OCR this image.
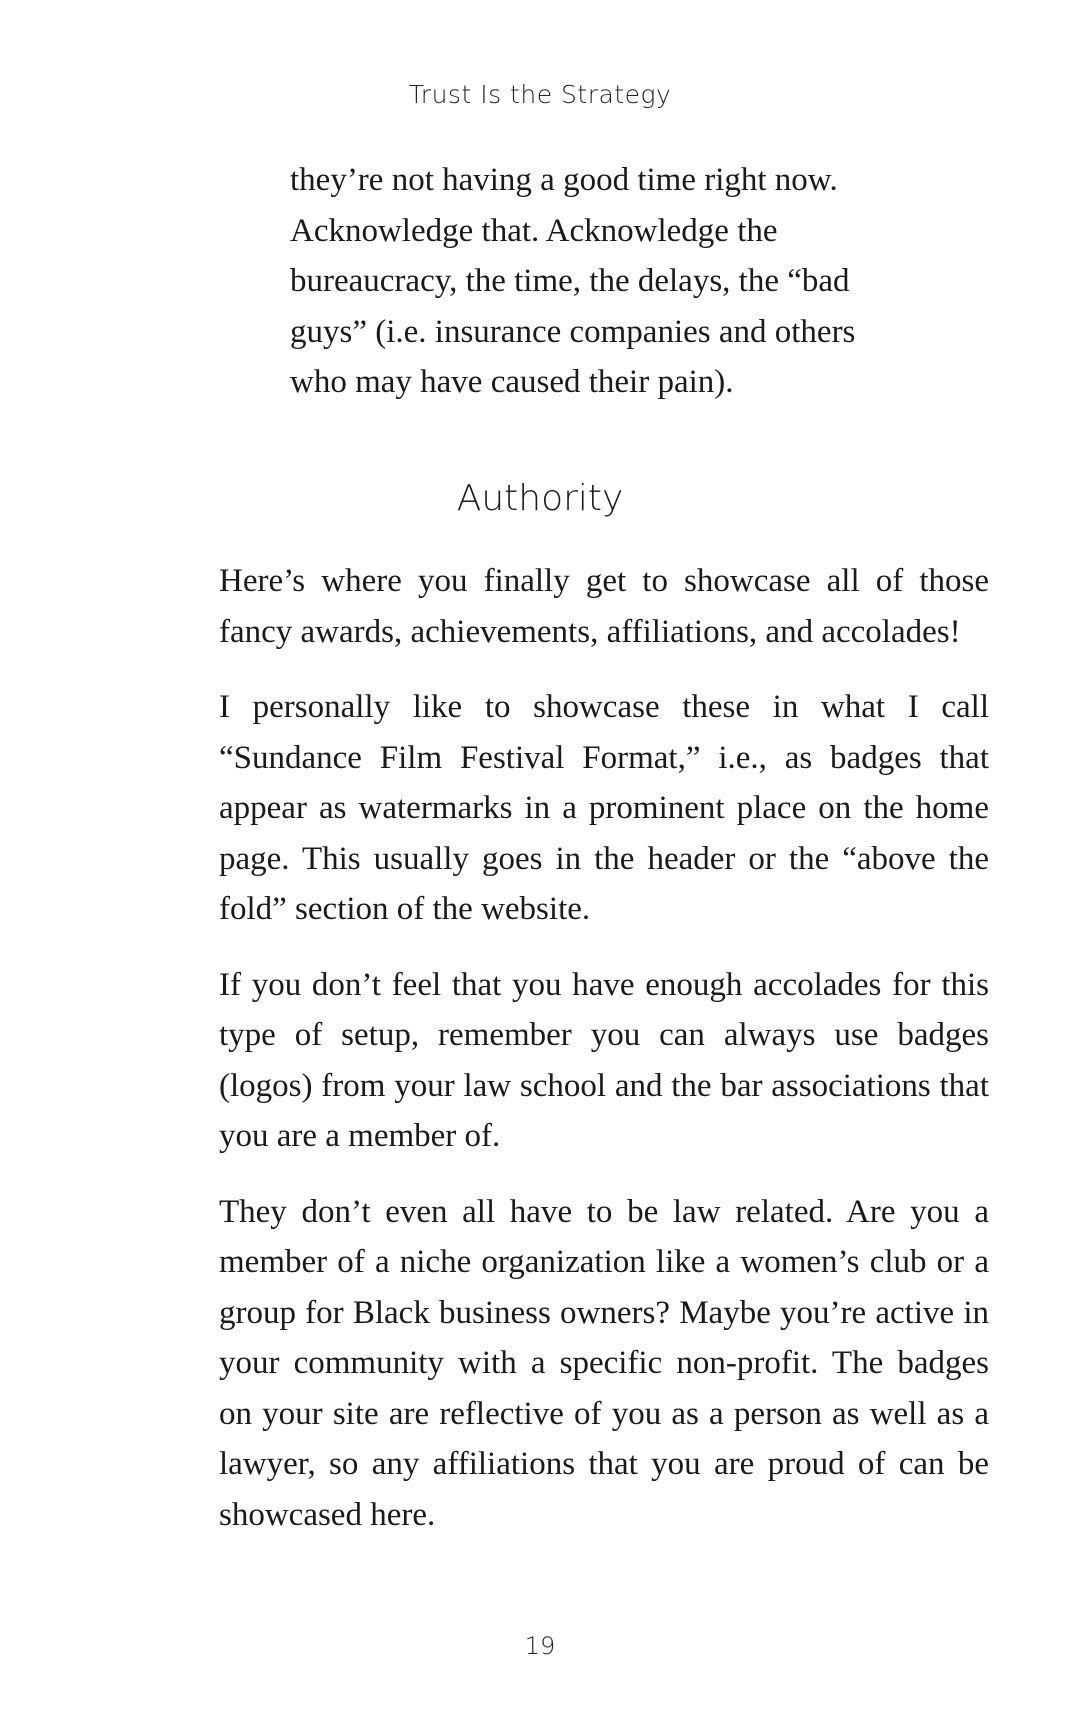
Trust Is the Strategy

they’re not having a good time right now. Acknowledge that. Acknowledge the bureaucracy, the time, the delays, the “bad guys” (i.e. insurance companies and others who may have caused their pain).

Authority

Here’s where you finally get to showcase all of those fancy awards, achievements, affiliations, and accolades!

I personally like to showcase these in what I call “Sundance Film Festival Format,” i.e., as badges that appear as watermarks in a prominent place on the home page. This usually goes in the header or the “above the fold” section of the website.

If you don’t feel that you have enough accolades for this type of setup, remember you can always use badges (logos) from your law school and the bar associations that you are a member of.

They don’t even all have to be law related. Are you a member of a niche organization like a women’s club or a group for Black business owners? Maybe you’re active in your community with a specific non-profit. The badges on your site are reflective of you as a person as well as a lawyer, so any affiliations that you are proud of can be showcased here.

19
